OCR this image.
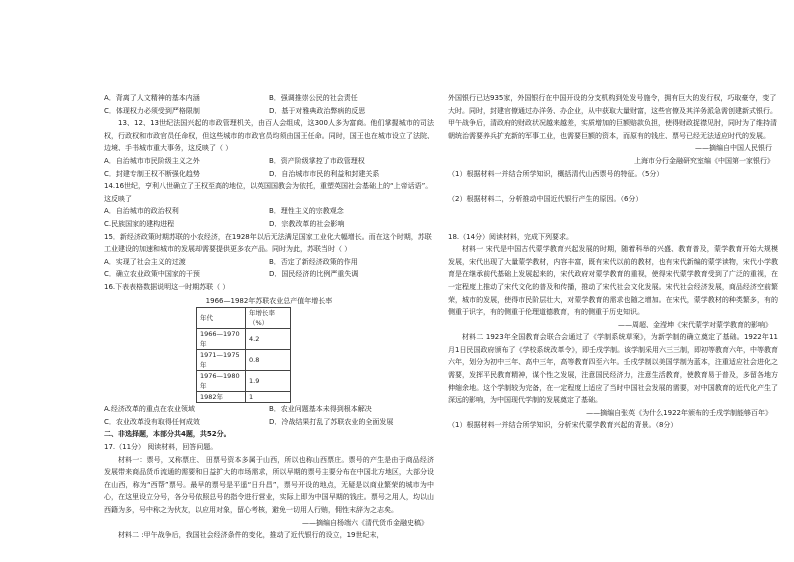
A．背离了人文精神的基本内涵	B．强调推崇公民的社会责任
C．体现权力必须受到严格限制	D．基于对雅典政治弊病的反思

13、12、13世纪法国兴起的市政管理机关，由百人会组成，这300人多为富商。他们掌握城市的司法权，行政权和市政官员任命权，但这些城市的市政官员均须由国王任命。同时，国王也在城市设立了法院、边境、手书城市重大事务，这反映了（ ）

A．自治城市市民阶级主义之外	B．资产阶级掌控了市政管理权
C．封建专制王权不断强化趋势	D．自治城市市民的利益和封建关系

14.16世纪，亨利八世确立了王权至高的地位，以英国国教会为依托，重塑英国社会基础上的“上帝话语”。这反映了

A．自治城市的政治权利	B．理性主义的宗教观念
C.民族国家的建构进程	D．宗教改革的社会影响

15．新经济政策时期苏联的小农经济，在1928年以后无法满足国家工业化大幅增长。而在这个时期，苏联工业建设的加速和城市的发展却需要提供更多农产品。同时为此，苏联当时（ ）

A．实现了社会主义的过渡	B．否定了新经济政策的作用
C．确立农业政策中国家的干预	D．国民经济的比例严重失调

16.下表表格数据说明这一时期苏联（ ）

1966—1982年苏联农业总产值年增长率

年代	年增长率（%）
1966—1970年	4.2
1971—1975年	0.8
1976—1980年	1.9
1982年	1
A.经济改革的重点在农业领域	B．农业问题基本未得到根本解决
C．农业改革没有取得任何成效	D．冷战结果打乱了苏联农业的全面发展

二、非选择题，本部分共4题，共52分。

17.（11分） 阅读材料，回答问题。

材料一：票号，又称票庄、 田票号资本多属于山西，所以也称山西票庄。票号的产生是由于商品经济发展带来商品货币流通的需要和日益扩大的市场需求，所以早期的票号主要分布在中国北方地区，大部分设在山西，称为“西帮”票号。最早的票号是平遥“日升昌”，票号开设的地点，无疑是以商业繁荣的城市为中心，在这里设立分号，各分号依照总号的指令进行营业，实际上即为中国早期的钱庄。票号之用人，均以山西籍为多，号中称之为伙友，以应用对象，留心考核，避免一切用人行贿，佣性末辞为之志矣。

——摘编自杨端六《清代货币金融史稿》

材料二 :甲午战争后，我国社会经济条件的变化，推动了近代银行的设立，19世纪末，

外国银行已达935家，外国银行在中国开设的分支机构到处发号施令，拥有巨大的发行权，巧取豪夺，变了大时。同时，封建官僚通过办洋务、办企业，从中获取大量财富，这些官僚及其洋务派急需创建新式银行。甲午战争后，清政府的财政状况越来越差，实质增加的巨额赔款负担，使得财政捉襟见肘，同时为了维持清朝统治需要养兵扩充新的军事工业，也需要巨额的资本，而原有的钱庄、票号已经无法适应时代的发展。

——摘编自中国人民银行

上海市分行金融研究室编《中国第一家银行》

（1）根据材料一并结合所学知识，概括清代山西票号的特征。（5分）

（2）根据材料二，分析推动中国近代银行产生的原因。（6分）

18.（14分）阅读材料，完成下列要求。

材料一 宋代是中国古代蒙学教育兴起发展的时期，随着科举的兴盛、教育普及，蒙学教育开始大规模发展，宋代出现了大量蒙学教材，内容丰富，既有宋代以前的教材，也有宋代新编的蒙学读物，宋代小学教育是在继承前代基础上发展起来的，宋代政府对蒙学教育的重视，使得宋代蒙学教育受到了广泛的重视，在一定程度上推动了宋代文化的普及和传播，推动了宋代社会文化发展。宋代社会经济发展，商品经济空前繁荣，城市的发展，使得市民阶层壮大，对蒙学教育的需求也随之增加。在宋代，蒙学教材的种类繁多，有的侧重于识字，有的侧重于伦理道德教育，有的侧重于历史知识。

——周超、金滢坤《宋代蒙学对蒙学教育的影响》

材料二 1923年全国教育会联合会通过了《学制系统草案》，为新学制的确立奠定了基础。1922年11月1日民国政府颁布了《学校系统改革令》，即壬戌学制。该学制采用六三三制，即初等教育六年，中等教育六年，划分为初中三年、高中三年，高等教育四至六年。壬戌学制以美国学制为蓝本，注重适应社会进化之需要，发挥平民教育精神，谋个性之发展，注意国民经济力，注意生活教育，使教育易于普及，多留各地方伸缩余地。这个学制较为完备，在一定程度上适应了当时中国社会发展的需要，对中国教育的近代化产生了深远的影响，为中国现代学制的发展奠定了基础。

——摘编自张英《为什么1922年颁布的壬戌学制能够百年》

（1）根据材料一并结合所学知识，分析宋代蒙学教育兴起的背景。（8分）
